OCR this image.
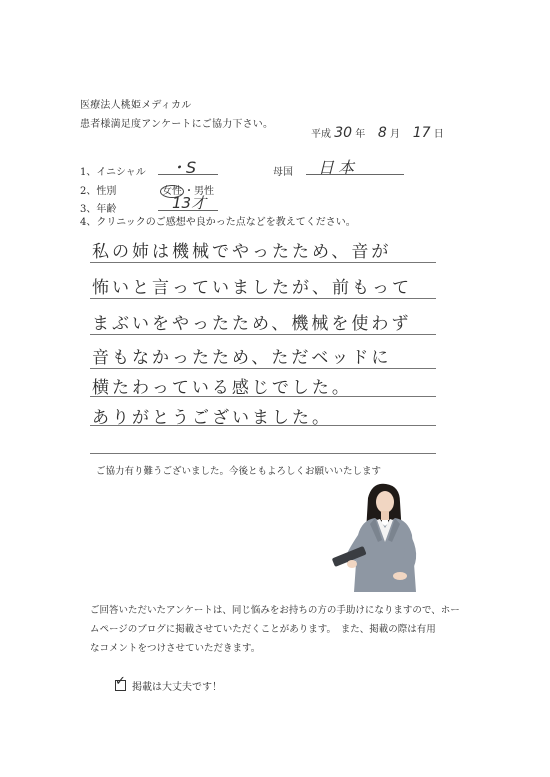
医療法人桃姫メディカル
患者様満足度アンケートにご協力下さい。
平成 30 年 8 月 17 日
1、イニシャル ・S	母国 日本
2、性別	女性 ・男性
3、年齢	13才
4、クリニックのご感想や良かった点などを教えてください。
私の姉は機械でやったため、音が
怖いと言っていましたが、前もって
まぶいをやったため、機械を使わず
音もなかったため、ただベッドに
横たわっている感じでした。
ありがとうございました。
ご協力有り難うございました。今後ともよろしくお願いいたします

ご回答いただいたアンケートは、同じ悩みをお持ちの方の手助けになりますので、ホー

ムページのブログに掲載させていただくことがあります。　また、掲載の際は有用

なコメントをつけさせていただきます。

✓ 掲載は大丈夫です！
